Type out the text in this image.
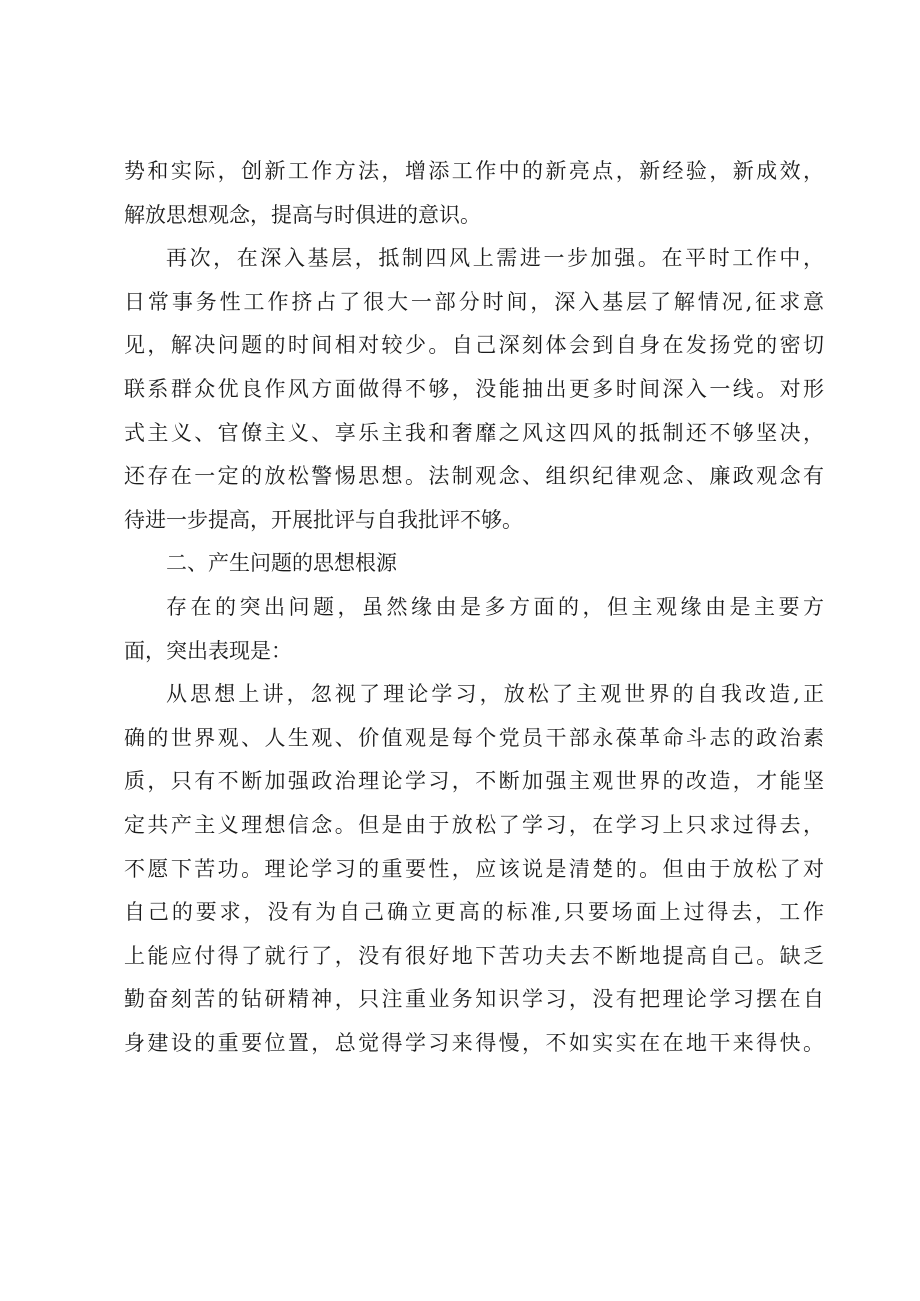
势和实际，创新工作方法，增添工作中的新亮点，新经验，新成效，
解放思想观念，提高与时俱进的意识。
再次，在深入基层，抵制四风上需进一步加强。在平时工作中，
日常事务性工作挤占了很大一部分时间，深入基层了解情况,征求意
见，解决问题的时间相对较少。自己深刻体会到自身在发扬党的密切
联系群众优良作风方面做得不够，没能抽出更多时间深入一线。对形
式主义、官僚主义、享乐主我和奢靡之风这四风的抵制还不够坚决，
还存在一定的放松警惕思想。法制观念、组织纪律观念、廉政观念有
待进一步提高，开展批评与自我批评不够。
二、产生问题的思想根源
存在的突出问题，虽然缘由是多方面的，但主观缘由是主要方
面，突出表现是：
从思想上讲，忽视了理论学习，放松了主观世界的自我改造,正
确的世界观、人生观、价值观是每个党员干部永葆革命斗志的政治素
质，只有不断加强政治理论学习，不断加强主观世界的改造，才能坚
定共产主义理想信念。但是由于放松了学习，在学习上只求过得去，
不愿下苦功。理论学习的重要性，应该说是清楚的。但由于放松了对
自己的要求，没有为自己确立更高的标准,只要场面上过得去，工作
上能应付得了就行了，没有很好地下苦功夫去不断地提高自己。缺乏
勤奋刻苦的钻研精神，只注重业务知识学习，没有把理论学习摆在自
身建设的重要位置，总觉得学习来得慢，不如实实在在地干来得快。
